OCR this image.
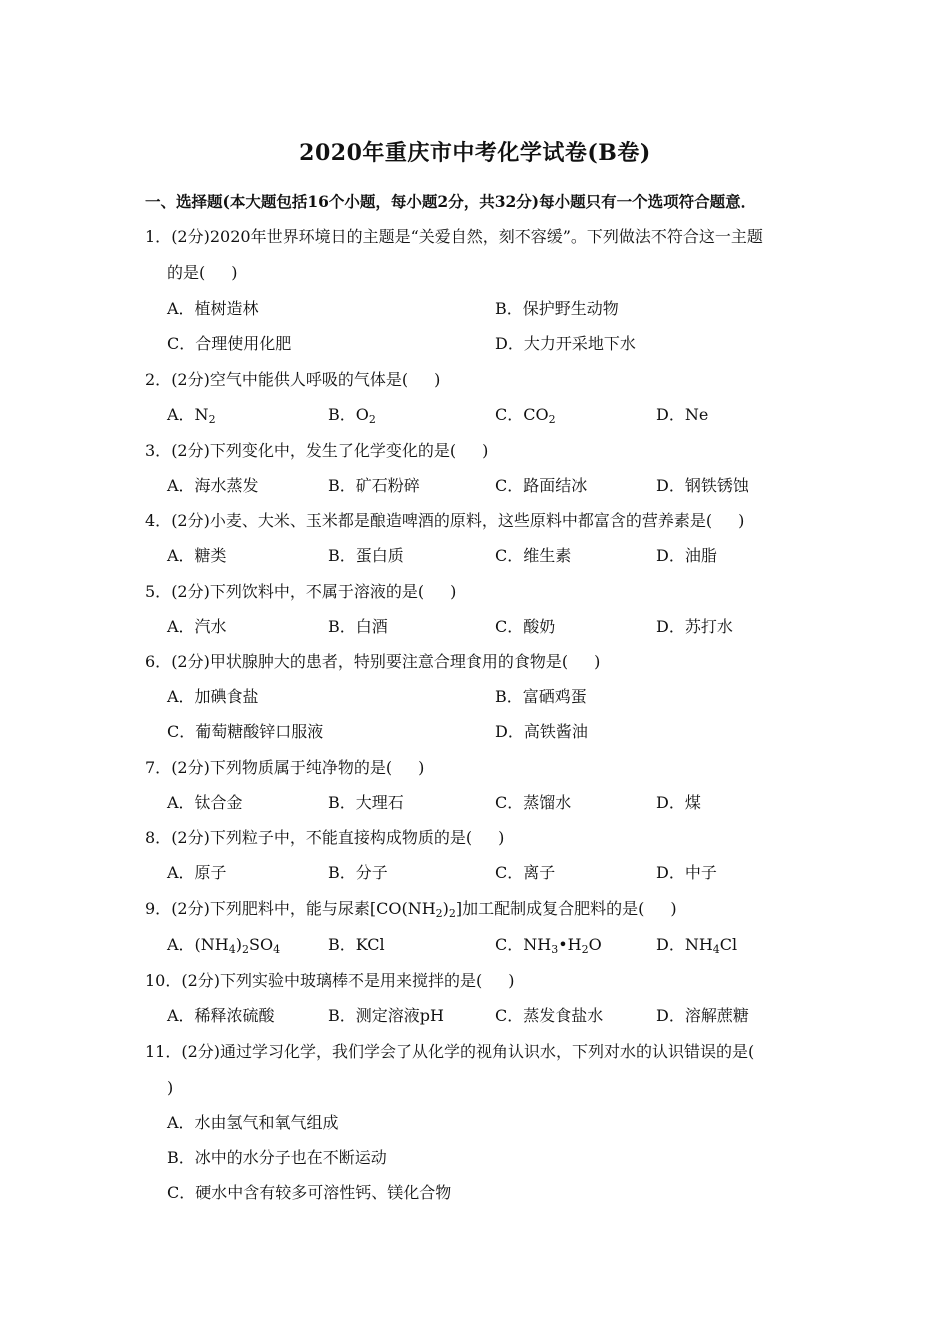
2020年重庆市中考化学试卷(B卷)
一、选择题(本大题包括16个小题，每小题2分，共32分)每小题只有一个选项符合题意．
1．(2分)2020年世界环境日的主题是“关爱自然，刻不容缓”。下列做法不符合这一主题
的是( )
A．植树造林	B．保护野生动物
C．合理使用化肥	D．大力开采地下水
2．(2分)空气中能供人呼吸的气体是( )
A．$N_2$	B．$O_2$	C．$CO_2$	D．Ne
3．(2分)下列变化中，发生了化学变化的是( )
A．海水蒸发	B．矿石粉碎	C．路面结冰	D．钢铁锈蚀
4．(2分)小麦、大米、玉米都是酿造啤酒的原料，这些原料中都富含的营养素是( )
A．糖类	B．蛋白质	C．维生素	D．油脂
5．(2分)下列饮料中，不属于溶液的是( )
A．汽水	B．白酒	C．酸奶	D．苏打水
6．(2分)甲状腺肿大的患者，特别要注意合理食用的食物是( )
A．加碘食盐	B．富硒鸡蛋
C．葡萄糖酸锌口服液	D．高铁酱油
7．(2分)下列物质属于纯净物的是( )
A．钛合金	B．大理石	C．蒸馏水	D．煤
8．(2分)下列粒子中，不能直接构成物质的是( )
A．原子	B．分子	C．离子	D．中子
9．(2分)下列肥料中，能与尿素$[CO(NH_2)_2]$加工配制成复合肥料的是( )
A．$(NH_4)_2SO_4$	B．KCl	C．$NH_3•H_2O$	D．$NH_4Cl$
10．(2分)下列实验中玻璃棒不是用来搅拌的是( )
A．稀释浓硫酸	B．测定溶液pH	C．蒸发食盐水	D．溶解蔗糖
11．(2分)通过学习化学，我们学会了从化学的视角认识水，下列对水的认识错误的是(
)
A．水由氢气和氧气组成
B．冰中的水分子也在不断运动
C．硬水中含有较多可溶性钙、镁化合物
